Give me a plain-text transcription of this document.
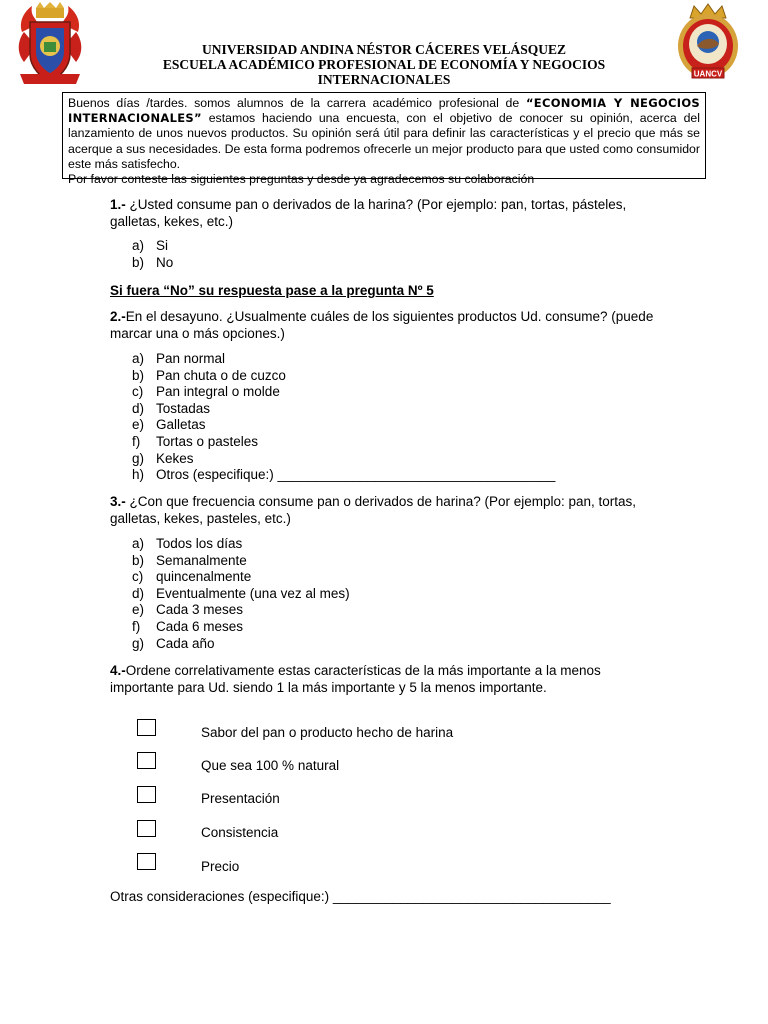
UANCV
UNIVERSIDAD ANDINA NÉSTOR CÁCERES VELÁSQUEZ
ESCUELA ACADÉMICO PROFESIONAL DE ECONOMÍA Y NEGOCIOS
INTERNACIONALES
Buenos días /tardes. somos alumnos de la carrera académico profesional de “ECONOMIA Y NEGOCIOS INTERNACIONALES” estamos haciendo una encuesta, con el objetivo de conocer su opinión, acerca del lanzamiento de unos nuevos productos. Su opinión será útil para definir las características y el precio que más se acerque a sus necesidades. De esta forma podremos ofrecerle un mejor producto para que usted como consumidor este más satisfecho.
Por favor conteste las siguientes preguntas y desde ya agradecemos su colaboración
1.- ¿Usted consume pan o derivados de la harina? (Por ejemplo: pan, tortas, pásteles, galletas, kekes, etc.)
a) Si
b) No
Si fuera “No” su respuesta pase a la pregunta Nº 5
2.-En el desayuno. ¿Usualmente cuáles de los siguientes productos Ud. consume? (puede marcar una o más opciones.)
a) Pan normal
b) Pan chuta o de cuzco
c) Pan integral o molde
d) Tostadas
e) Galletas
f)	Tortas o pasteles
g) Kekes
h) Otros (especifique:) _____________________________________
3.- ¿Con que frecuencia consume pan o derivados de harina? (Por ejemplo: pan, tortas, galletas, kekes, pasteles, etc.)
a) Todos los días
b) Semanalmente
c) quincenalmente
d) Eventualmente (una vez al mes)
e) Cada 3 meses
f)	Cada 6 meses
g) Cada año
4.-Ordene correlativamente estas características de la más importante a la menos importante para Ud. siendo 1 la más importante y 5 la menos importante.
Sabor del pan o producto hecho de harina
Que sea 100 % natural
Presentación
Consistencia
Precio
Otras consideraciones (especifique:) _____________________________________
